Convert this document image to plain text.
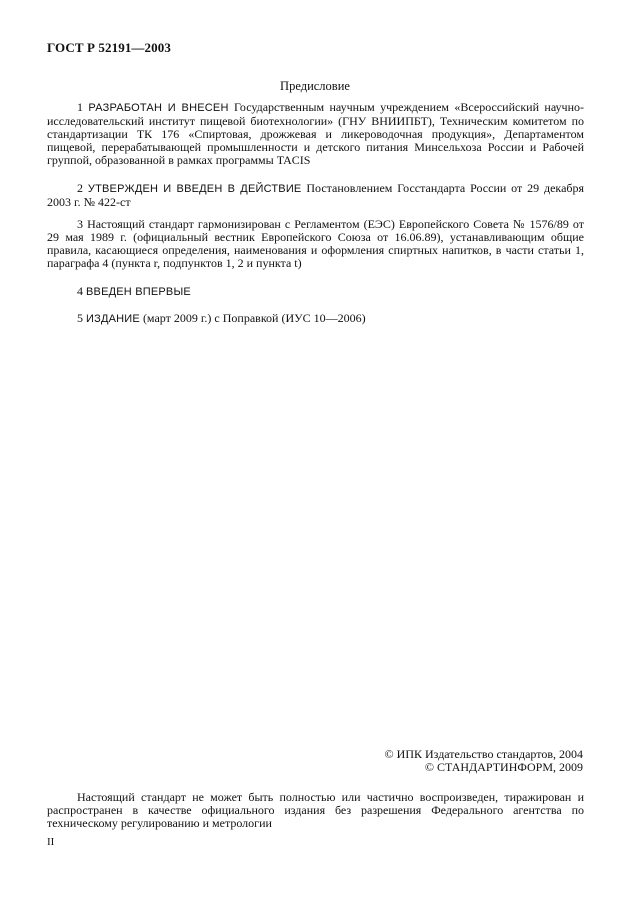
ГОСТ Р 52191—2003
Предисловие
1 РАЗРАБОТАН И ВНЕСЕН Государственным научным учреждением «Всероссийский научно-исследовательский институт пищевой биотехнологии» (ГНУ ВНИИПБТ), Техническим комитетом по стандартизации ТК 176 «Спиртовая, дрожжевая и ликероводочная продукция», Департаментом пищевой, перерабатывающей промышленности и детского питания Минсельхоза России и Рабочей группой, образованной в рамках программы TACIS
2 УТВЕРЖДЕН И ВВЕДЕН В ДЕЙСТВИЕ Постановлением Госстандарта России от 29 декабря 2003 г. № 422-ст
3 Настоящий стандарт гармонизирован с Регламентом (ЕЭС) Европейского Совета № 1576/89 от 29 мая 1989 г. (официальный вестник Европейского Союза от 16.06.89), устанавливающим общие правила, касающиеся определения, наименования и оформления спиртных напитков, в части статьи 1, параграфа 4 (пункта r, подпунктов 1, 2 и пункта t)
4 ВВЕДЕН ВПЕРВЫЕ
5 ИЗДАНИЕ (март 2009 г.) с Поправкой (ИУС 10—2006)
© ИПК Издательство стандартов, 2004
© СТАНДАРТИНФОРМ, 2009
Настоящий стандарт не может быть полностью или частично воспроизведен, тиражирован и распространен в качестве официального издания без разрешения Федерального агентства по техническому регулированию и метрологии
II
